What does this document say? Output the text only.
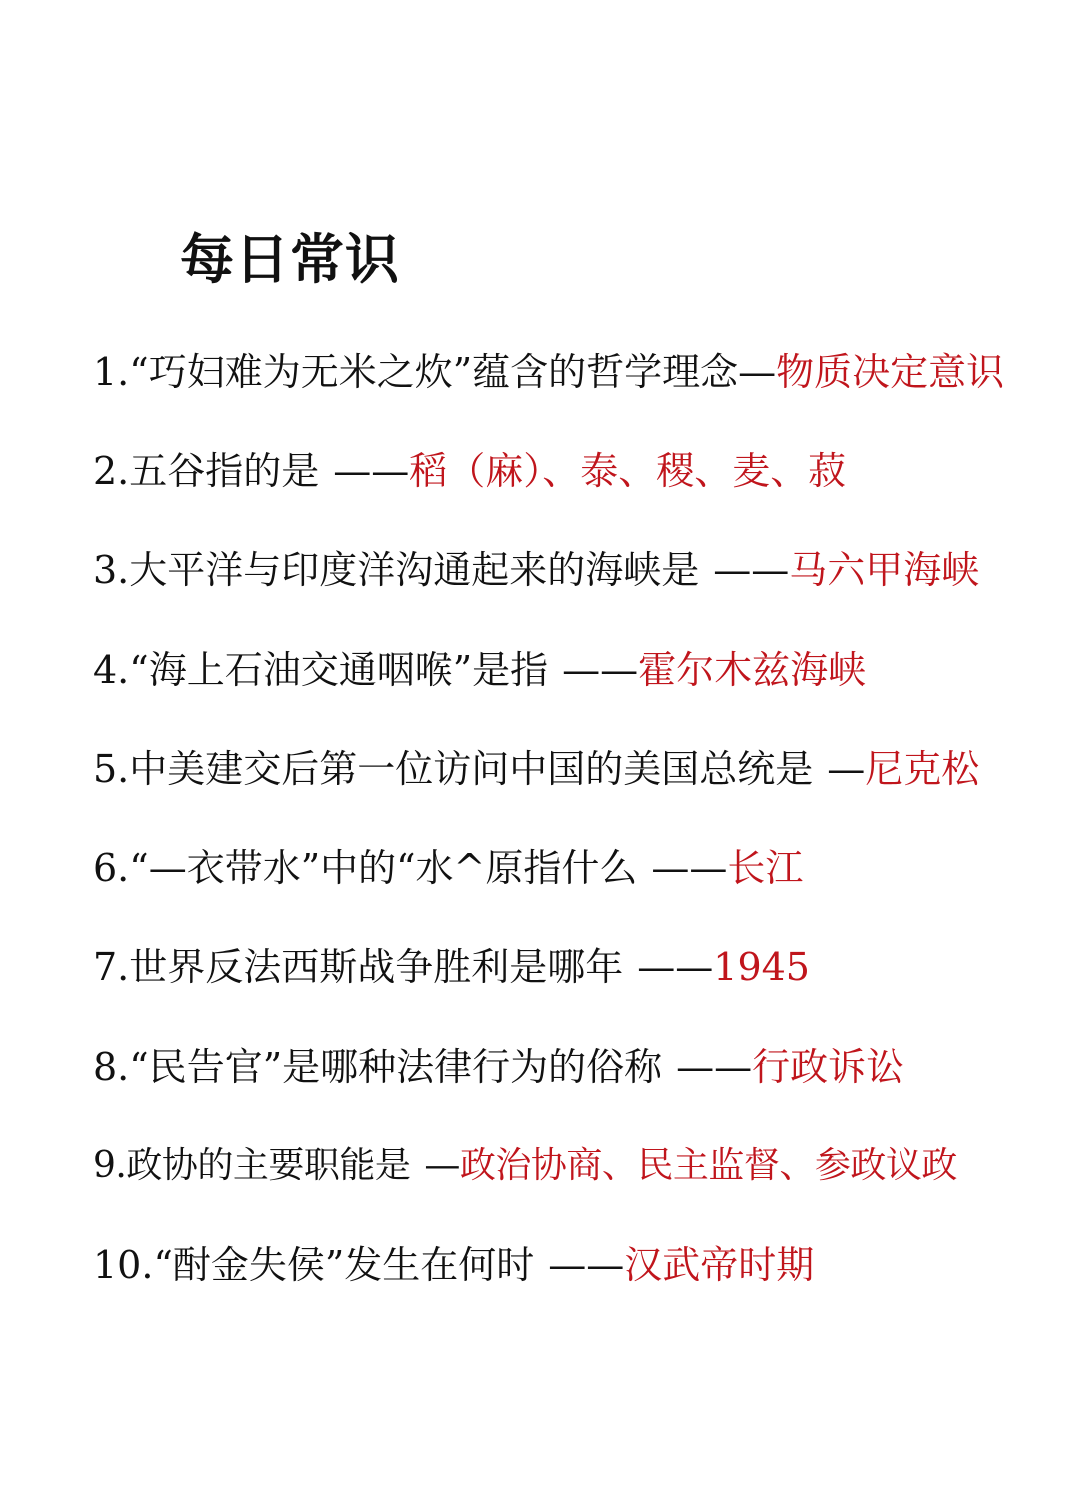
每日常识
1. “巧妇难为无米之炊”蕴含的哲学理念 — 物质决定意识
2. 五谷指的是 —— 稻（麻）、泰、稷、麦、菽
3. 大平洋与印度洋沟通起来的海峡是 —— 马六甲海峡
4. “海上石油交通咽喉”是指 —— 霍尔木兹海峡
5. 中美建交后第一位访问中国的美国总统是 — 尼克松
6. “—衣带水”中的“水^原指什么 —— 长江
7. 世界反法西斯战争胜利是哪年 —— 1945
8. “民告官”是哪种法律行为的俗称 —— 行政诉讼
9. 政协的主要职能是 — 政治协商、民主监督、参政议政
10. “酎金失侯”发生在何时 —— 汉武帝时期
